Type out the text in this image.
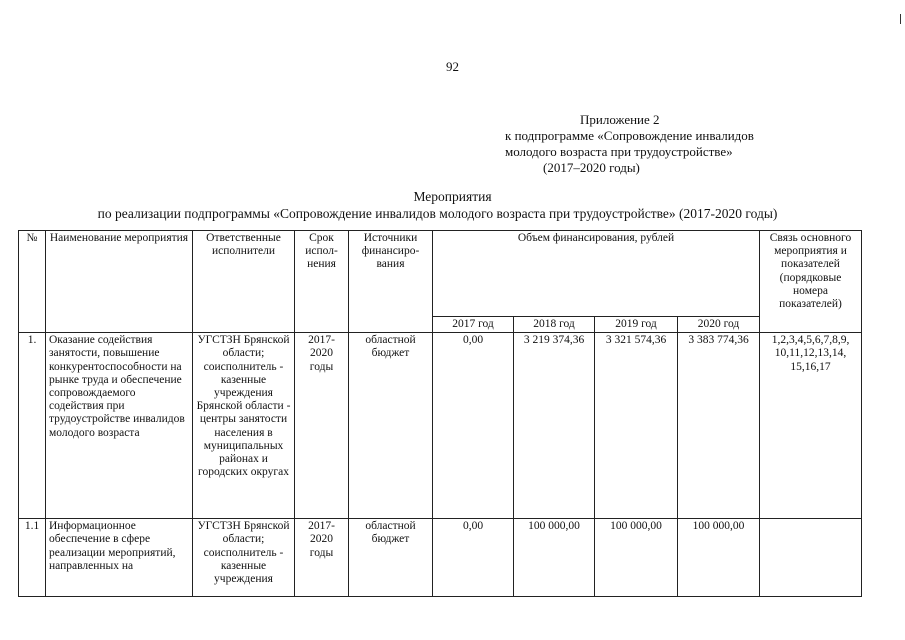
92
Приложение 2
к подпрограмме «Сопровождение инвалидов
молодого возраста при трудоустройстве»
(2017–2020 годы)
Мероприятия
по реализации подпрограммы «Сопровождение инвалидов молодого возраста при трудоустройстве» (2017-2020 годы)
№	Наименование мероприятия	Ответственные исполнители	Срок испол-нения	Источники финансиро-вания	Объем финансирования, рублей				Связь основного мероприятия и показателей (порядковые номера показателей)
					2017 год	2018 год	2019 год	2020 год	
1.	Оказание содействия занятости, повышение конкурентоспособности на рынке труда и обеспечение сопровождаемого содействия при трудоустройстве инвалидов молодого возраста	УГСТЗН Брянской области; соисполнитель - казенные учреждения Брянской области - центры занятости населения в муниципальных районах и городских округах	2017-2020 годы	областной бюджет	0,00	3 219 374,36	3 321 574,36	3 383 774,36	1,2,3,4,5,6,7,8,9, 10,11,12,13,14, 15,16,17
1.1	Информационное обеспечение в сфере реализации мероприятий, направленных на	УГСТЗН Брянской области; соисполнитель - казенные учреждения	2017-2020 годы	областной бюджет	0,00	100 000,00	100 000,00	100 000,00	
